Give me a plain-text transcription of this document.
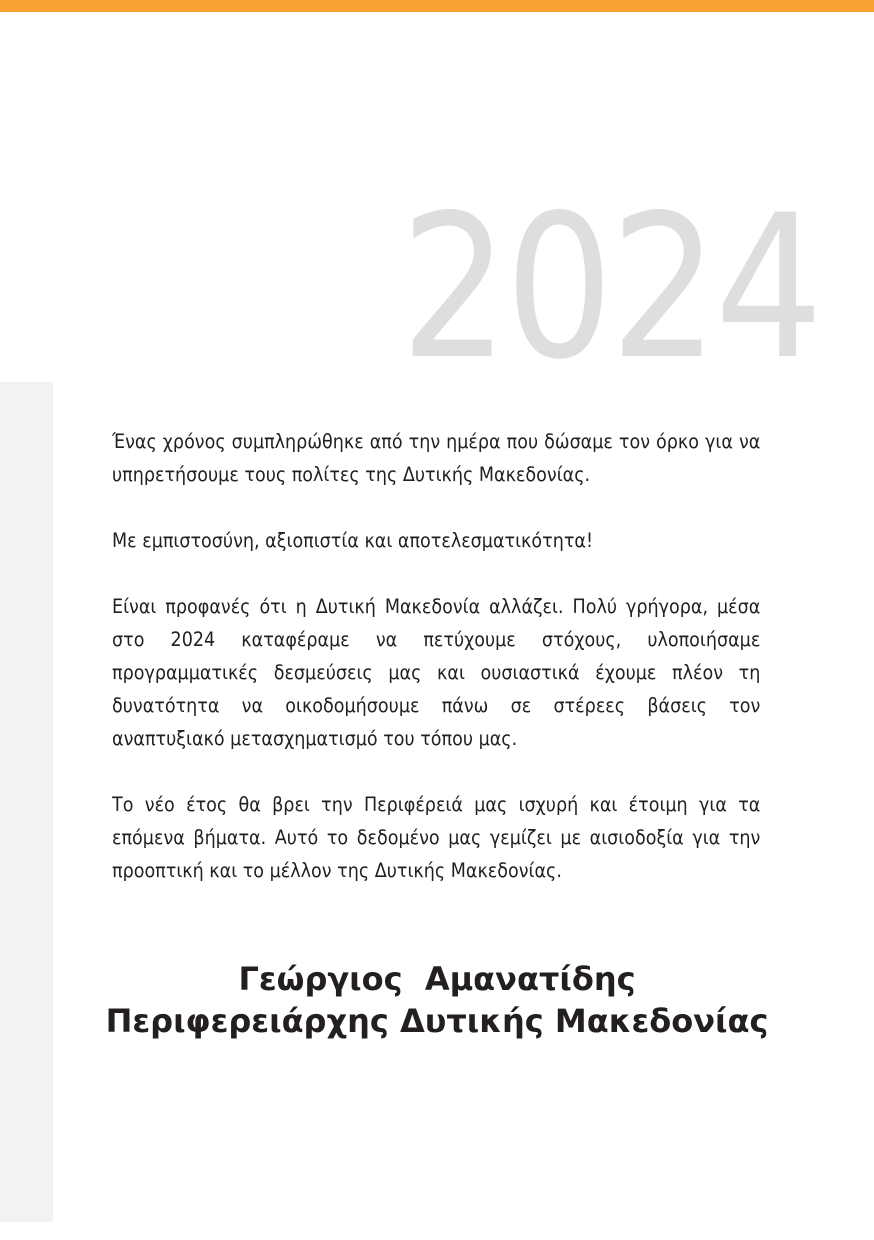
2024

Ένας χρόνος συμπληρώθηκε από την ημέρα που δώσαμε τον όρκο για να υπηρετήσουμε τους πολίτες της Δυτικής Μακεδονίας.

Με εμπιστοσύνη, αξιοπιστία και αποτελεσματικότητα!

Είναι προφανές ότι η Δυτική Μακεδονία αλλάζει. Πολύ γρήγορα, μέσα στο 2024 καταφέραμε να πετύχουμε στόχους, υλοποιήσαμε προγραμματικές δεσμεύσεις μας και ουσιαστικά έχουμε πλέον τη δυνατότητα να οικοδομήσουμε πάνω σε στέρεες βάσεις τον αναπτυξιακό μετασχηματισμό του τόπου μας.

Το νέο έτος θα βρει την Περιφέρειά μας ισχυρή και έτοιμη για τα επόμενα βήματα. Αυτό το δεδομένο μας γεμίζει με αισιοδοξία για την προοπτική και το μέλλον της Δυτικής Μακεδονίας.

Γεώργιος  Αμανατίδης
Περιφερειάρχης Δυτικής Μακεδονίας
